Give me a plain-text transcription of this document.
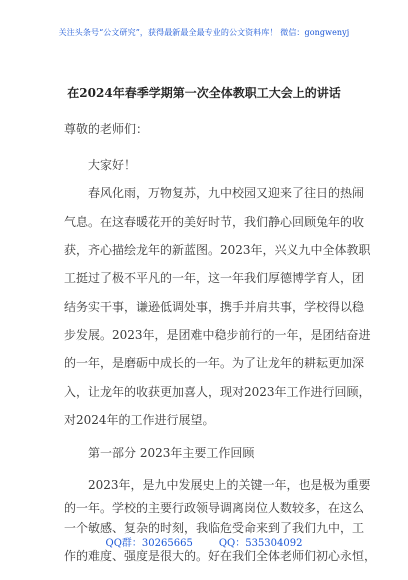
关注头条号“公文研究”，获得最新最全最专业的公文资料库！ 微信：gongwenyj
在2024年春季学期第一次全体教职工大会上的讲话
尊敬的老师们：
大家好！
春风化雨，万物复苏，九中校园又迎来了往日的热闹
气息。在这春暖花开的美好时节，我们静心回顾兔年的收
获，齐心描绘龙年的新蓝图。2023年，兴义九中全体教职
工挺过了极不平凡的一年，这一年我们厚德博学育人，团
结务实干事，谦逊低调处事，携手并肩共事，学校得以稳
步发展。2023年，是团难中稳步前行的一年，是团结奋进
的一年，是磨砺中成长的一年。为了让龙年的耕耘更加深
入，让龙年的收获更加喜人，现对2023年工作进行回顾，
对2024年的工作进行展望。
第一部分 2023年主要工作回顾
2023年，是九中发展史上的关键一年，也是极为重要
的一年。学校的主要行政领导调离岗位人数较多，在这么
一个敏感、复杂的时刻，我临危受命来到了我们九中，工
作的难度、强度是很大的。好在我们全体老师们初心永恒，
QQ群：30265665	QQ：535304092
